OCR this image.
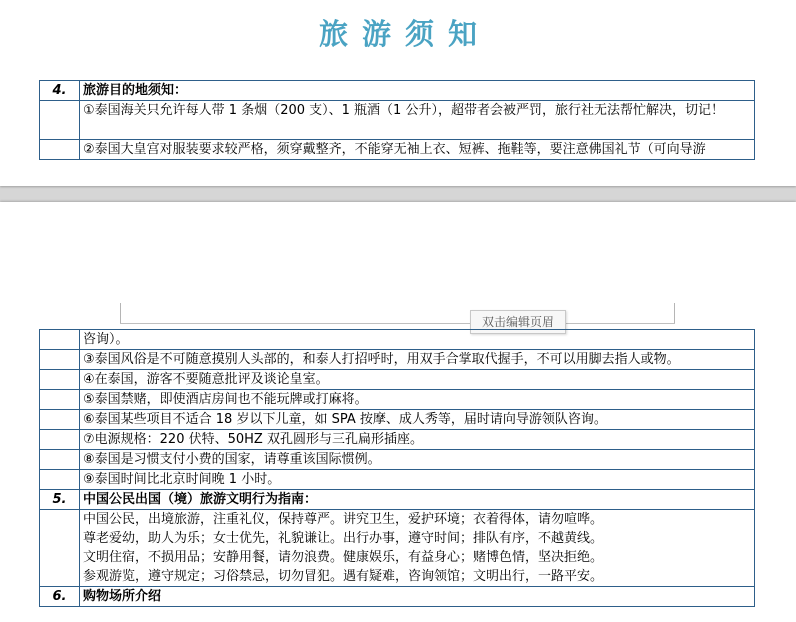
旅游须知
4.	旅游目的地须知：
	①泰国海关只允许每人带 1 条烟（200 支）、1 瓶酒（1 公升），超带者会被严罚，旅行社无法帮忙解决，切记！
	②泰国大皇宫对服装要求较严格，须穿戴整齐，不能穿无袖上衣、短裤、拖鞋等，要注意佛国礼节（可向导游
双击编辑页眉
	咨询）。
	③泰国风俗是不可随意摸别人头部的，和泰人打招呼时，用双手合掌取代握手，不可以用脚去指人或物。
	④在泰国，游客不要随意批评及谈论皇室。
	⑤泰国禁赌，即使酒店房间也不能玩牌或打麻将。
	⑥泰国某些项目不适合 18 岁以下儿童，如 SPA 按摩、成人秀等，届时请向导游领队咨询。
	⑦电源规格：220 伏特、50HZ 双孔圆形与三孔扁形插座。
	⑧泰国是习惯支付小费的国家，请尊重该国际惯例。
	⑨泰国时间比北京时间晚 1 小时。
5.	中国公民出国（境）旅游文明行为指南：

	中国公民，出境旅游，注重礼仪，保持尊严。讲究卫生，爱护环境；衣着得体，请勿喧哗。
尊老爱幼，助人为乐；女士优先，礼貌谦让。出行办事，遵守时间；排队有序，不越黄线。
文明住宿，不损用品；安静用餐，请勿浪费。健康娱乐，有益身心；赌博色情，坚决拒绝。
参观游览，遵守规定；习俗禁忌，切勿冒犯。遇有疑难，咨询领馆；文明出行，一路平安。

6.	购物场所介绍
